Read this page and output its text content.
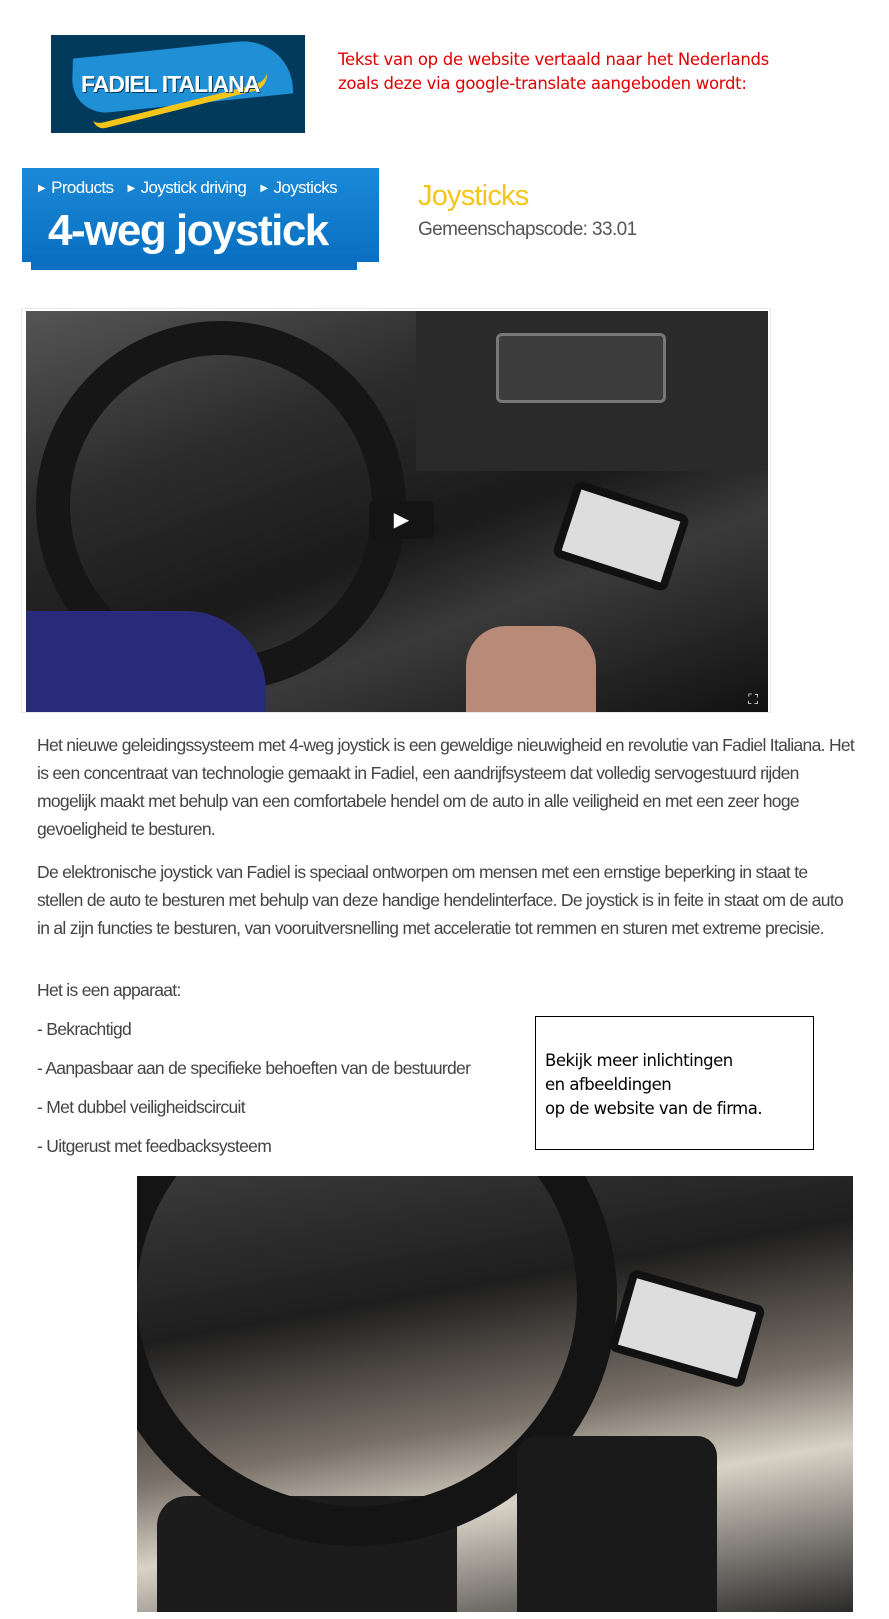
FADIEL ITALIANA
Tekst van op de website vertaald naar het Nederlands
zoals deze via google-translate aangeboden wordt:
▶ Products ▶ Joystick driving ▶ Joysticks
4-weg joystick
Joysticks
Gemeenschapscode: 33.01
▶
⛶
Het nieuwe geleidingssysteem met 4-weg joystick is een geweldige nieuwigheid en revolutie van Fadiel Italiana. Het is een concentraat van technologie gemaakt in Fadiel, een aandrijfsysteem dat volledig servogestuurd rijden mogelijk maakt met behulp van een comfortabele hendel om de auto in alle veiligheid en met een zeer hoge gevoeligheid te besturen.
De elektronische joystick van Fadiel is speciaal ontworpen om mensen met een ernstige beperking in staat te stellen de auto te besturen met behulp van deze handige hendelinterface. De joystick is in feite in staat om de auto in al zijn functies te besturen, van vooruitversnelling met acceleratie tot remmen en sturen met extreme precisie.
Het is een apparaat:
- Bekrachtigd
- Aanpasbaar aan de specifieke behoeften van de bestuurder
- Met dubbel veiligheidscircuit
- Uitgerust met feedbacksysteem
Bekijk meer inlichtingen
en afbeeldingen
op de website van de firma.
